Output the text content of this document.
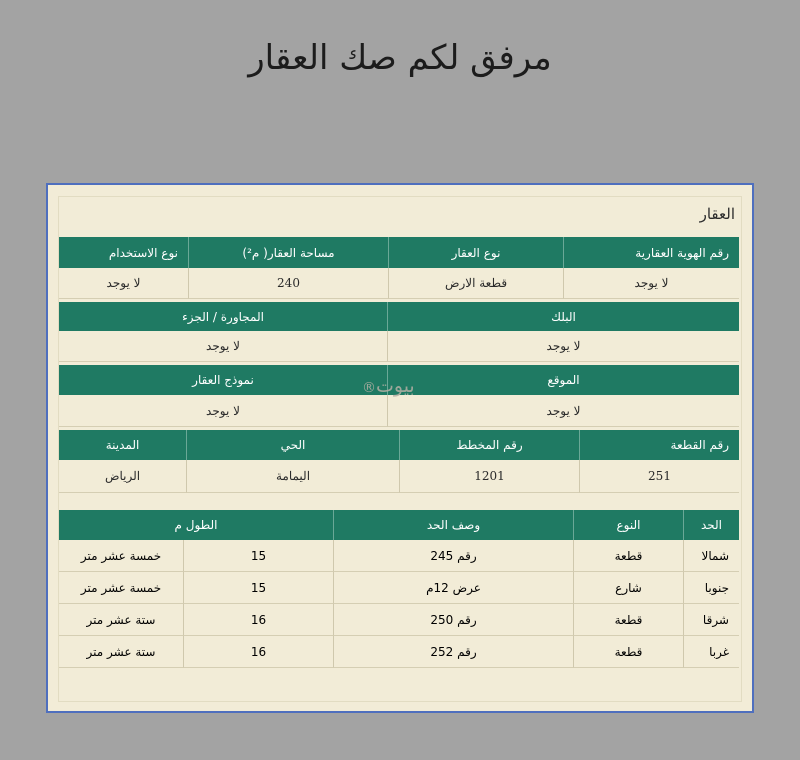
مرفق لكم صك العقار
العقار
رقم الهوية العقارية
نوع العقار
مساحة العقار( م²)
نوع الاستخدام
لا يوجد
قطعة الارض
240
لا يوجد
البلك
المجاورة / الجزء
لا يوجد
لا يوجد
الموقع
نموذج العقار
لا يوجد
لا يوجد
رقم القطعة
رقم المخطط
الحي
المدينة
251
1201
اليمامة
الرياض
الحد
النوع
وصف الحد
الطول م
شمالا
قطعة
رقم 245
15
خمسة عشر متر
جنوبا
شارع
عرض 12م
15
خمسة عشر متر
شرقا
قطعة
رقم 250
16
ستة عشر متر
غربا
قطعة
رقم 252
16
ستة عشر متر
®بيوت
